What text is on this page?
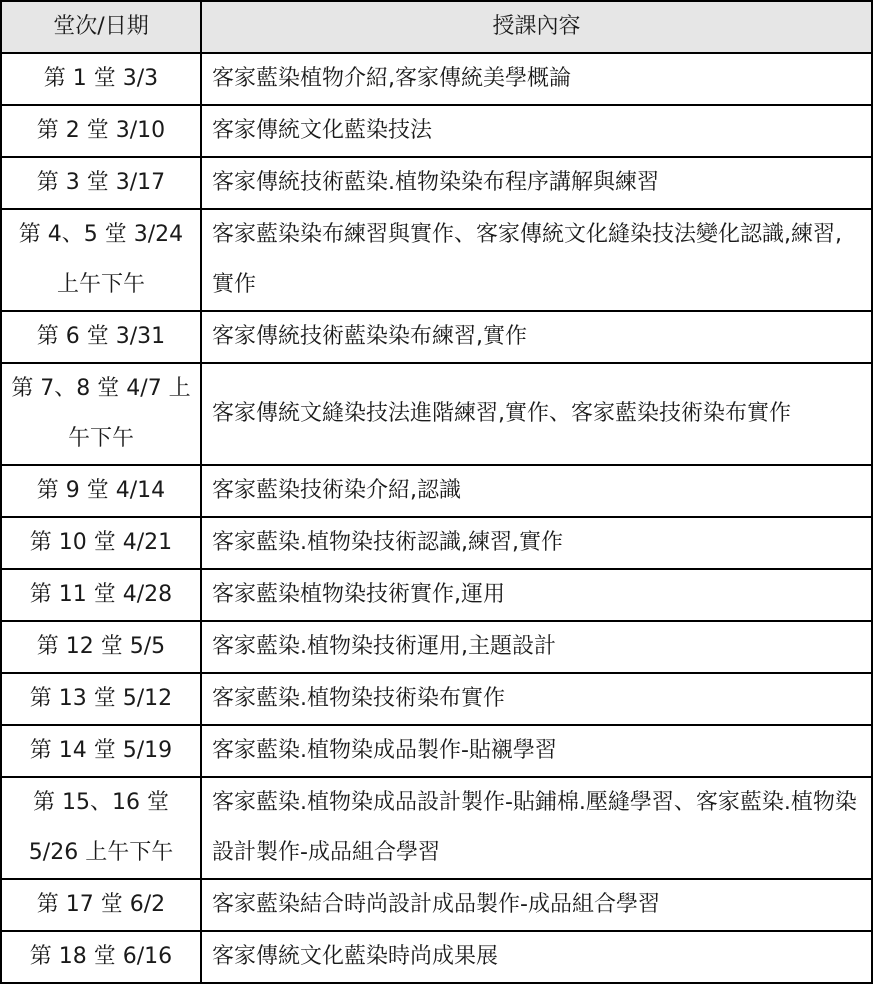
堂次/日期	授課內容
第 1 堂 3/3	客家藍染植物介紹,客家傳統美學概論
第 2 堂 3/10	客家傳統文化藍染技法
第 3 堂 3/17	客家傳統技術藍染.植物染染布程序講解與練習
第 4、5 堂 3/24 上午下午	客家藍染染布練習與實作、客家傳統文化縫染技法變化認識,練習,實作
第 6 堂 3/31	客家傳統技術藍染染布練習,實作
第 7、8 堂 4/7 上午下午	客家傳統文縫染技法進階練習,實作、客家藍染技術染布實作
第 9 堂 4/14	客家藍染技術染介紹,認識
第 10 堂 4/21	客家藍染.植物染技術認識,練習,實作
第 11 堂 4/28	客家藍染植物染技術實作,運用
第 12 堂 5/5	客家藍染.植物染技術運用,主題設計
第 13 堂 5/12	客家藍染.植物染技術染布實作
第 14 堂 5/19	客家藍染.植物染成品製作-貼襯學習
第 15、16 堂 5/26 上午下午	客家藍染.植物染成品設計製作-貼鋪棉.壓縫學習、客家藍染.植物染設計製作-成品組合學習
第 17 堂 6/2	客家藍染結合時尚設計成品製作-成品組合學習
第 18 堂 6/16	客家傳統文化藍染時尚成果展
